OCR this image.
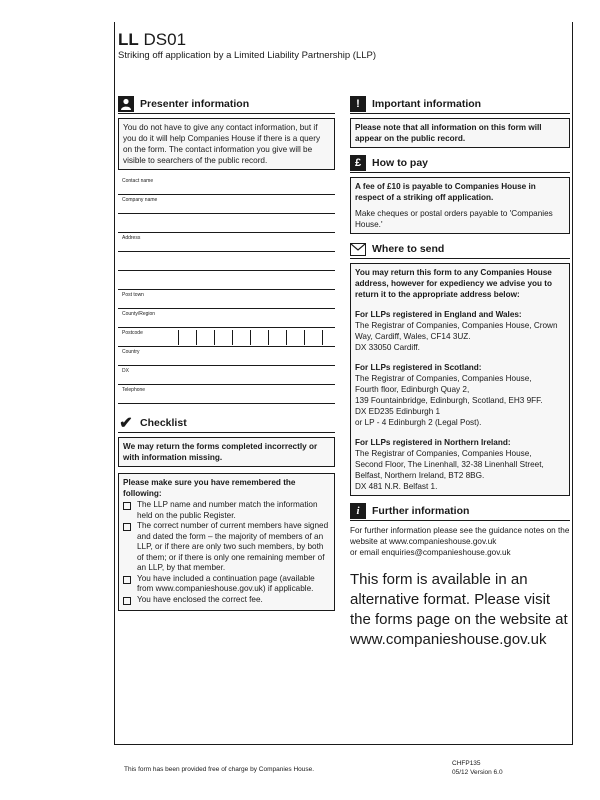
LL DS01
Striking off application by a Limited Liability Partnership (LLP)
Presenter information
You do not have to give any contact information, but if you do it will help Companies House if there is a query on the form. The contact information you give will be visible to searchers of the public record.
Contact name
Company name
Address
Post town
County/Region
Postcode
Country
DX
Telephone
✔ Checklist
We may return the forms completed incorrectly or with information missing.
Please make sure you have remembered the following:
The LLP name and number match the information held on the public Register.
The correct number of current members have signed and dated the form – the majority of members of an LLP, or if there are only two such members, by both of them; or if there is only one remaining member of an LLP, by that member.
You have included a continuation page (available from www.companieshouse.gov.uk) if applicable.
You have enclosed the correct fee.
!	Important information
Please note that all information on this form will appear on the public record.
£	How to pay
A fee of £10 is payable to Companies House in respect of a striking off application.
Make cheques or postal orders payable to 'Companies House.'
Where to send
You may return this form to any Companies House address, however for expediency we advise you to return it to the appropriate address below:
For LLPs registered in England and Wales:
The Registrar of Companies, Companies House, Crown Way, Cardiff, Wales, CF14 3UZ.
DX 33050 Cardiff.
For LLPs registered in Scotland:
The Registrar of Companies, Companies House,
Fourth floor, Edinburgh Quay 2,
139 Fountainbridge, Edinburgh, Scotland, EH3 9FF.
DX ED235 Edinburgh 1
or LP - 4 Edinburgh 2 (Legal Post).
For LLPs registered in Northern Ireland:
The Registrar of Companies, Companies House,
Second Floor, The Linenhall, 32-38 Linenhall Street,
Belfast, Northern Ireland, BT2 8BG.
DX 481 N.R. Belfast 1.
i	Further information
For further information please see the guidance notes on the website at www.companieshouse.gov.uk
or email enquiries@companieshouse.gov.uk
This form is available in an alternative format. Please visit the forms page on the website at www.companieshouse.gov.uk
This form has been provided free of charge by Companies House.
CHFP135
05/12 Version 6.0
